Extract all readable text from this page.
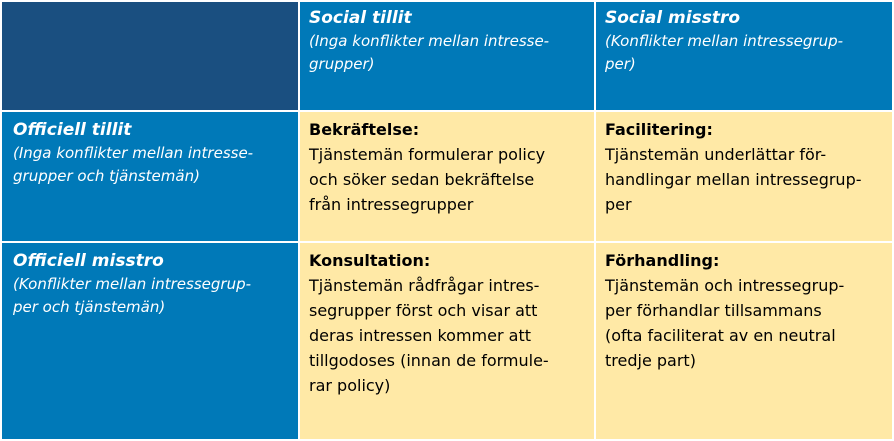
Social tillit
(Inga konflikter mellan intresse-
grupper)
Social misstro
(Konflikter mellan intressegrup-
per)
Officiell tillit
(Inga konflikter mellan intresse-
grupper och tjänstemän)
Bekräftelse:
Tjänstemän formulerar policy
och söker sedan bekräftelse
från intressegrupper
Facilitering:
Tjänstemän underlättar för-
handlingar mellan intressegrup-
per
Officiell misstro
(Konflikter mellan intressegrup-
per och tjänstemän)
Konsultation:
Tjänstemän rådfrågar intres-
segrupper först och visar att
deras intressen kommer att
tillgodoses (innan de formule-
rar policy)
Förhandling:
Tjänstemän och intressegrup-
per förhandlar tillsammans
(ofta faciliterat av en neutral
tredje part)
